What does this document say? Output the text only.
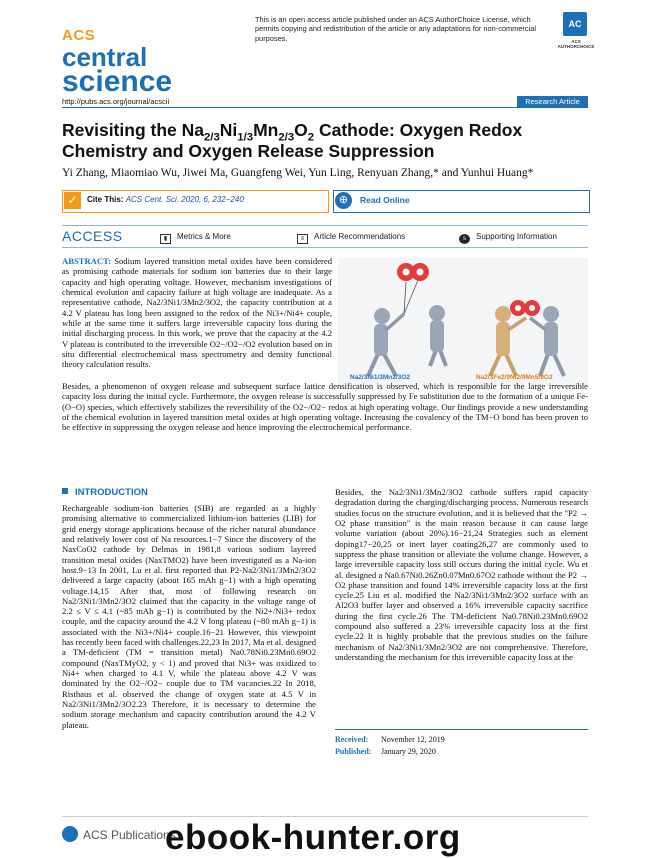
ACS
central
science
This is an open access article published under an ACS AuthorChoice License, which permits copying and redistribution of the article or any adaptations for non-commercial purposes.
AC
ACS AUTHORCHOICE
http://pubs.acs.org/journal/acscii	Research Article
Revisiting the $Na_{2/3}Ni_{1/3}Mn_{2/3}O_2$ Cathode: Oxygen Redox Chemistry and Oxygen Release Suppression
Yi Zhang, Miaomiao Wu, Jiwei Ma, Guangfeng Wei, Yun Ling, Renyuan Zhang,* and Yunhui Huang*
✓	Cite This: ACS Cent. Sci. 2020, 6, 232−240	⊕	Read Online
ACCESS	▮ Metrics & More	≡ Article Recommendations	s Supporting Information
ABSTRACT: Sodium layered transition metal oxides have been considered as promising cathode materials for sodium ion batteries due to their large capacity and high operating voltage. However, mechanism investigations of chemical evolution and capacity failure at high voltage are inadequate. As a representative cathode, Na2/3Ni1/3Mn2/3O2, the capacity contribution at a 4.2 V plateau has long been assigned to the redox of the Ni3+/Ni4+ couple, while at the same time it suffers large irreversible capacity loss during the initial discharging process. In this work, we prove that the capacity at the 4.2 V plateau is contributed to the irreversible O2−/O2−/O2 evolution based on in situ differential electrochemical mass spectrometry and density functional theory calculation results.
Na2/3Ni1/3Mn2/3O2	Na2/3Fe2/9Ni2/9Mn5/9O2
Besides, a phenomenon of oxygen release and subsequent surface lattice densification is observed, which is responsible for the large irreversible capacity loss during the initial cycle. Furthermore, the oxygen release is successfully suppressed by Fe substitution due to the formation of a unique Fe-(O−O) species, which effectively stabilizes the reversibility of the O2−/O2− redox at high operating voltage. Our findings provide a new understanding of the chemical evolution in layered transition metal oxides at high operating voltage. Increasing the covalency of the TM−O bond has been proven to be effective in suppressing the oxygen release and hence improving the electrochemical performance.
INTRODUCTION
Rechargeable sodium-ion batteries (SIB) are regarded as a highly promising alternative to commercialized lithium-ion batteries (LIB) for grid energy storage applications because of the richer natural abundance and relatively lower cost of Na resources.1−7 Since the discovery of the NaxCoO2 cathode by Delmas in 1981,8 various sodium layered transition metal oxides (NaxTMO2) have been investigated as a Na-ion host.9−13 In 2001, Lu et al. first reported that P2-Na2/3Ni1/3Mn2/3O2 delivered a large capacity (about 165 mAh g−1) with a high operating voltage.14,15 After that, most of following research on Na2/3Ni1/3Mn2/3O2 claimed that the capacity in the voltage range of 2.2 ≤ V ≤ 4.1 (~85 mAh g−1) is contributed by the Ni2+/Ni3+ redox couple, and the capacity around the 4.2 V long plateau (~80 mAh g−1) is associated with the Ni3+/Ni4+ couple.16−21 However, this viewpoint has recently been faced with challenges.22,23 In 2017, Ma et al. designed a TM-deficient (TM = transition metal) Na0.78Ni0.23Mn0.69O2 compound (NaxTMyO2, y < 1) and proved that Ni3+ was oxidized to Ni4+ when charged to 4.1 V, while the plateau above 4.2 V was dominated by the O2−/O2− couple due to TM vacancies.22 In 2018, Risthaus et al. observed the change of oxygen state at 4.5 V in Na2/3Ni1/3Mn2/3O2.23 Therefore, it is necessary to determine the sodium storage mechanism and capacity contribution around the 4.2 V plateau.
Besides, the Na2/3Ni1/3Mn2/3O2 cathode suffers rapid capacity degradation during the charging/discharging process. Numerous research studies focus on the structure evolution, and it is believed that the "P2 → O2 phase transition" is the main reason because it can cause large volume variation (about 20%).16−21,24 Strategies such as element doping17−20,25 or inert layer coating26,27 are commonly used to suppress the phase transition or alleviate the volume change. However, a large irreversible capacity loss still occurs during the initial cycle. Wu et al. designed a Na0.67Ni0.26Zn0.07Mn0.67O2 cathode without the P2 → O2 phase transition and found 14% irreversible capacity loss at the first cycle.25 Liu et al. modified the Na2/3Ni1/3Mn2/3O2 surface with an Al2O3 buffer layer and observed a 16% irreversible capacity sacrifice during the first cycle.26 The TM-deficient Na0.78Ni0.23Mn0.69O2 compound also suffered a 23% irreversible capacity loss at the first cycle.22 It is highly probable that the previous studies on the failure mechanism of Na2/3Ni1/3Mn2/3O2 are not comprehensive. Therefore, understanding the mechanism for this irreversible capacity loss at the
Received: November 12, 2019
Published: January 29, 2020
ACS Publications
ebook-hunter.org
